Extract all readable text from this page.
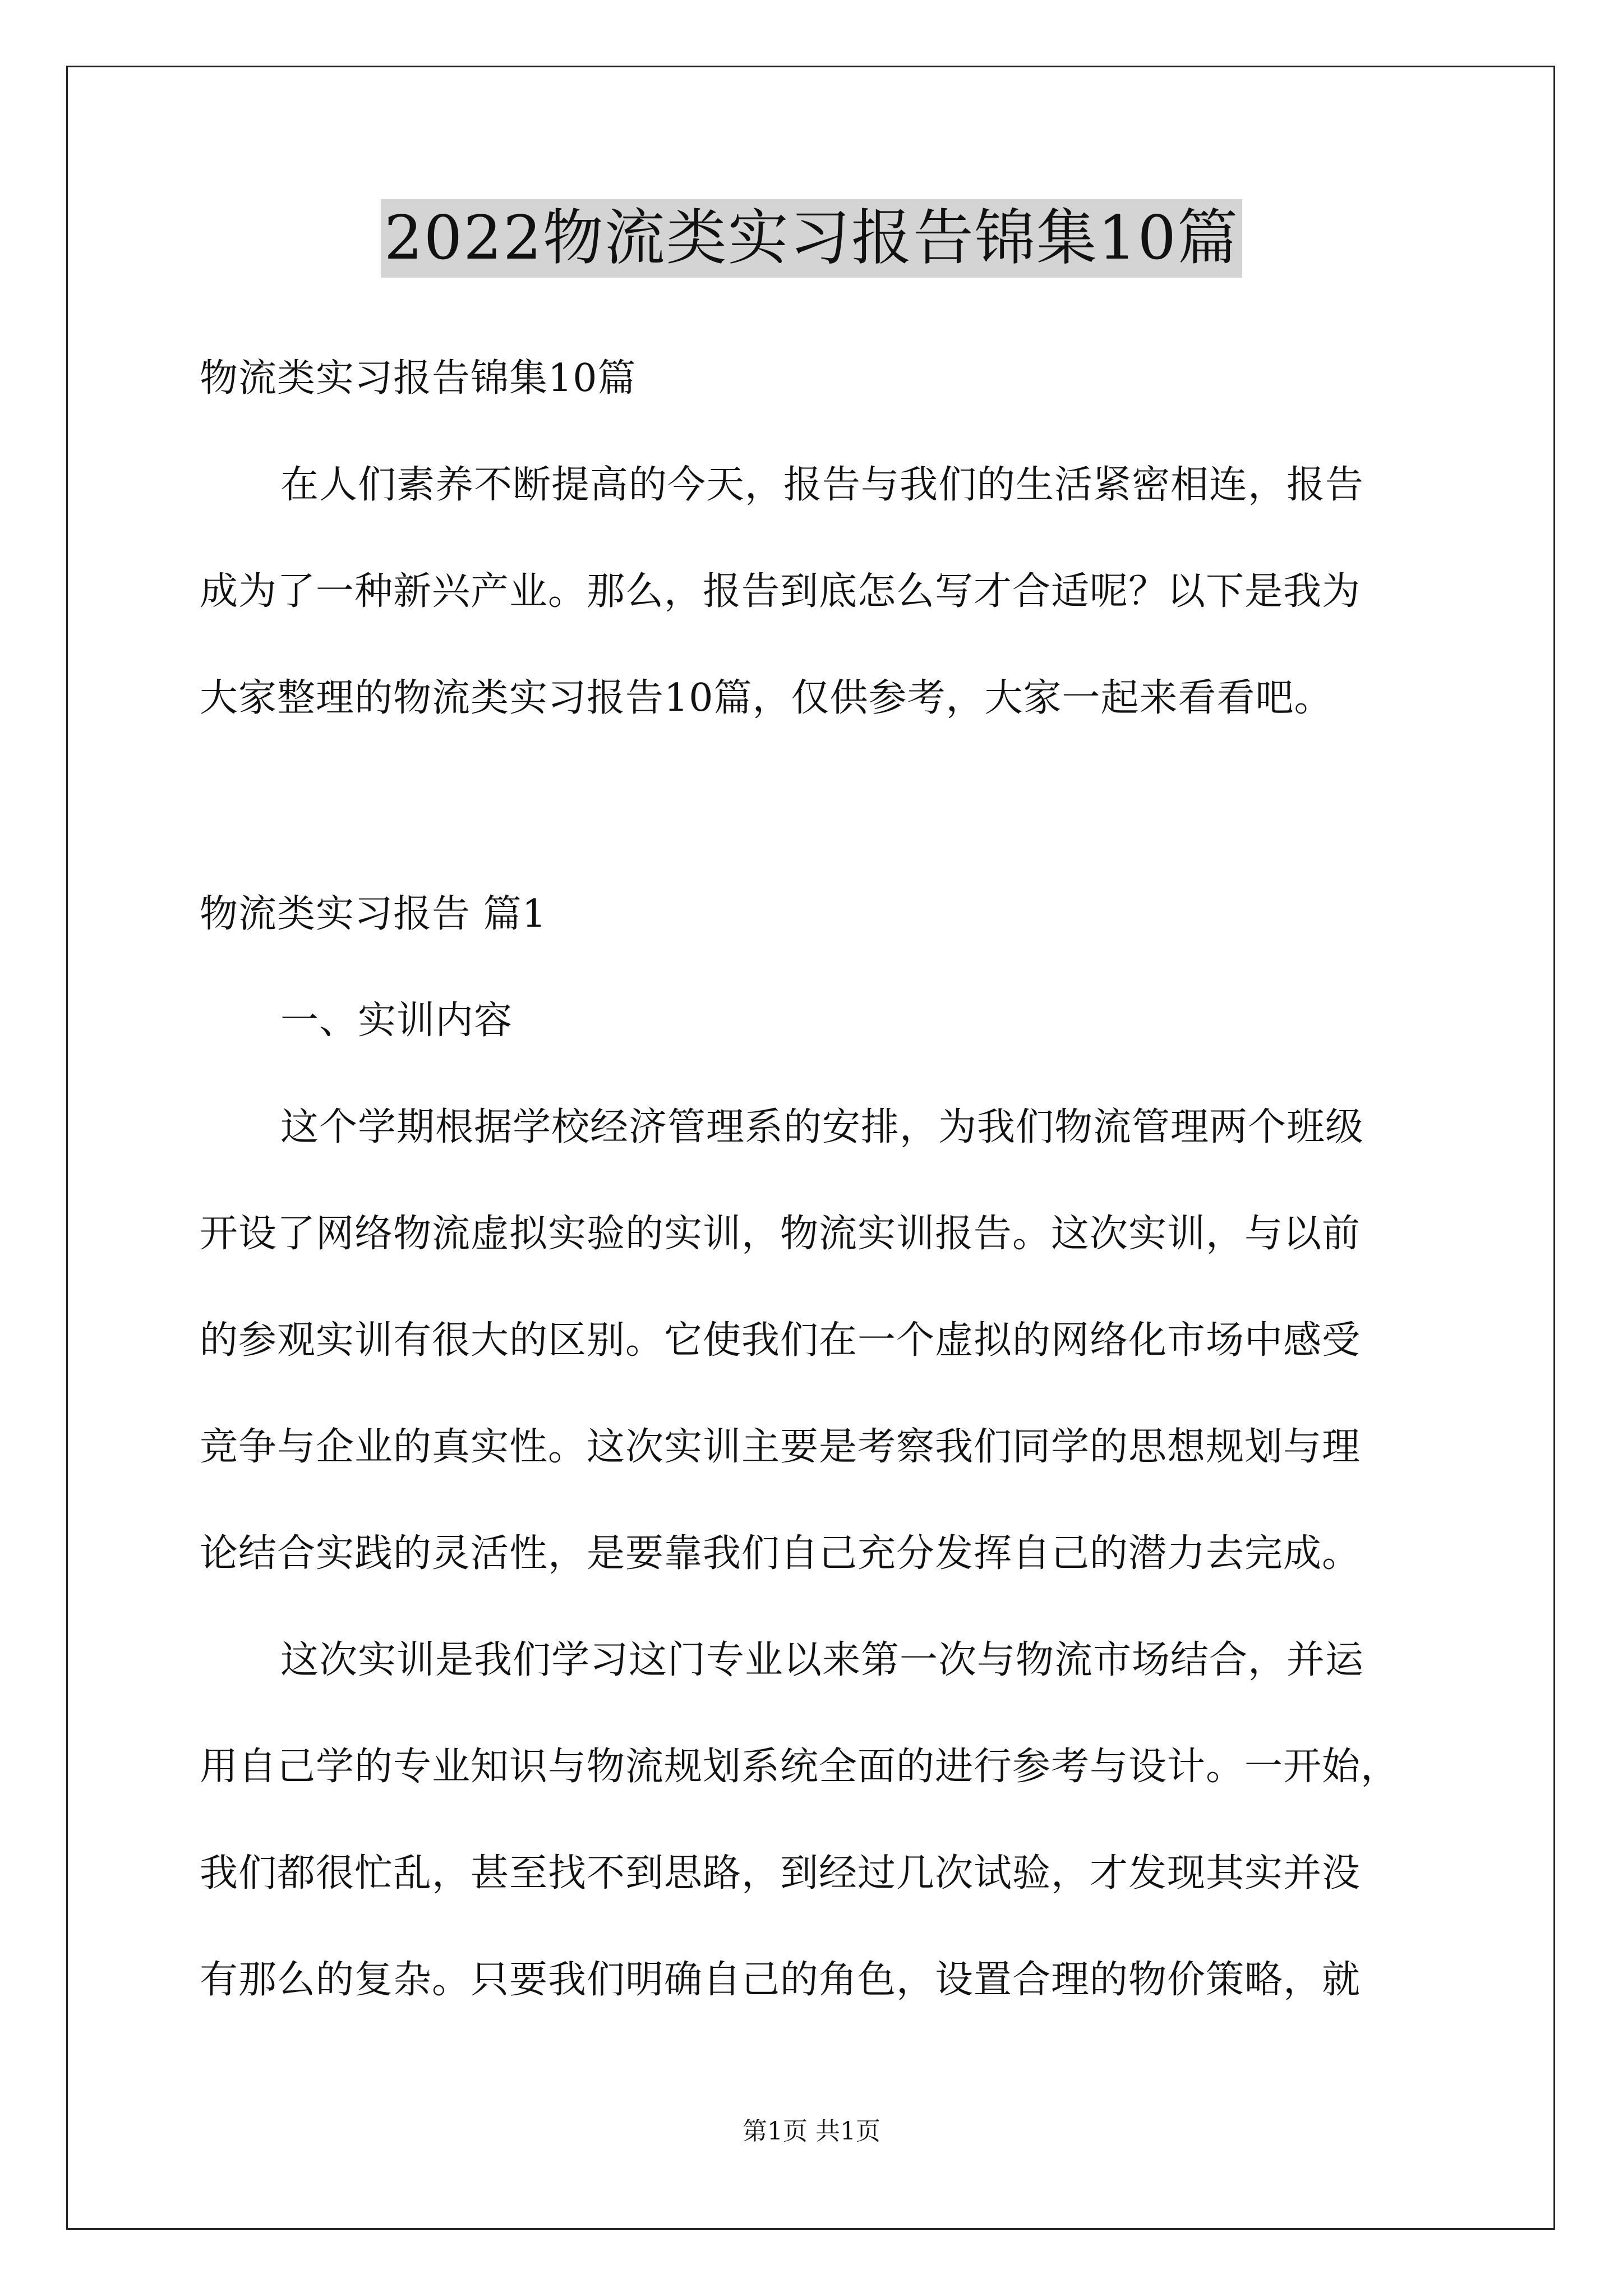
2022物流类实习报告锦集10篇
物流类实习报告锦集10篇
在人们素养不断提高的今天，报告与我们的生活紧密相连，报告
成为了一种新兴产业。那么，报告到底怎么写才合适呢？以下是我为
大家整理的物流类实习报告10篇，仅供参考，大家一起来看看吧。
物流类实习报告 篇1
一、实训内容
这个学期根据学校经济管理系的安排，为我们物流管理两个班级
开设了网络物流虚拟实验的实训，物流实训报告。这次实训，与以前
的参观实训有很大的区别。它使我们在一个虚拟的网络化市场中感受
竞争与企业的真实性。这次实训主要是考察我们同学的思想规划与理
论结合实践的灵活性，是要靠我们自己充分发挥自己的潜力去完成。
这次实训是我们学习这门专业以来第一次与物流市场结合，并运
用自己学的专业知识与物流规划系统全面的进行参考与设计。一开始，
我们都很忙乱，甚至找不到思路，到经过几次试验，才发现其实并没
有那么的复杂。只要我们明确自己的角色，设置合理的物价策略，就
第1页 共1页
